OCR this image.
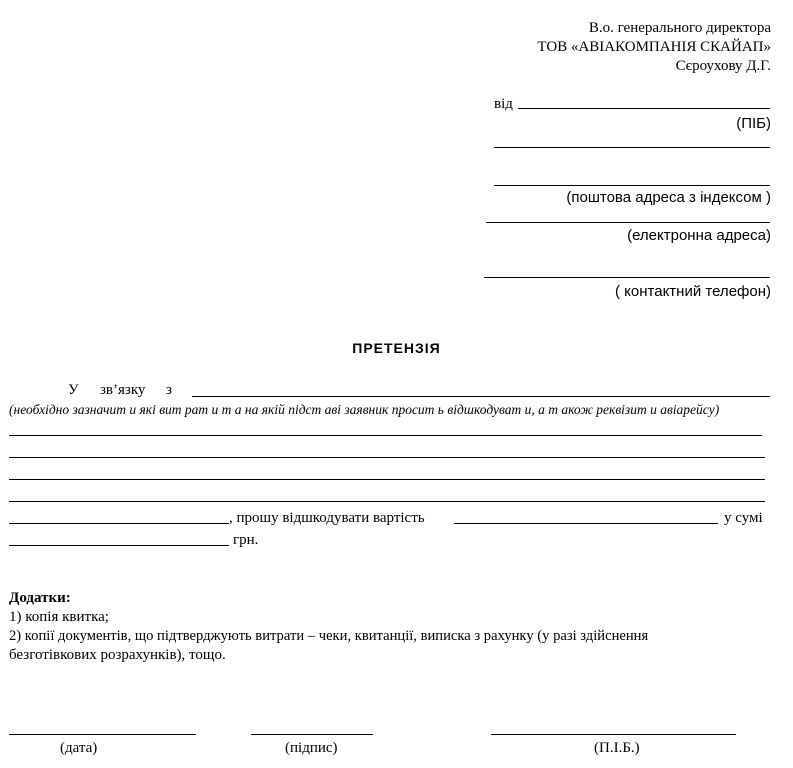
В.о. генерального директора
ТОВ «АВІАКОМПАНІЯ СКАЙАП»
Сєроухову Д.Г.
від
(ПІБ)
(поштова адреса з індексом )
(електронна адреса)
( контактний телефон)
ПРЕТЕНЗІЯ
У зв’язку з
(необхідно зазначит и які вит рат и т а на якій підст аві заявник просит ь відшкодуват и, а т акож реквізит и авіарейсу)
, прошу відшкодувати вартість	у сумі
грн.
Додатки:
1) копія квитка;
2) копії документів, що підтверджують витрати – чеки, квитанції, виписка з рахунку (у разі здійснення
безготівкових розрахунків), тощо.
(дата)	(підпис)	(П.І.Б.)
